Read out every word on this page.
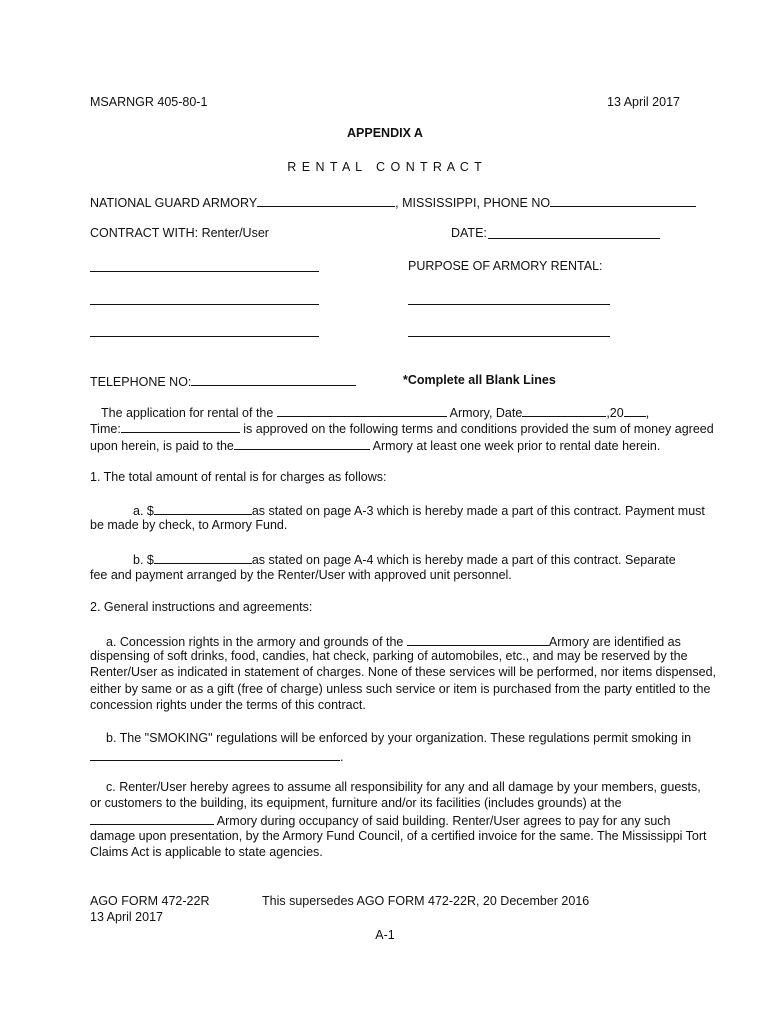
MSARNGR 405-80-1	13 April 2017
APPENDIX A
R E N T A L   C O N T R A C T
NATIONAL GUARD ARMORY	, MISSISSIPPI, PHONE NO
CONTRACT WITH: Renter/User	DATE:
PURPOSE OF ARMORY RENTAL:
TELEPHONE NO:	*Complete all Blank Lines
The application for rental of the	Armory, Date	,20 ,
Time:	is approved on the following terms and conditions provided the sum of money agreed
upon herein, is paid to the	Armory at least one week prior to rental date herein.
1. The total amount of rental is for charges as follows:
a. $	as stated on page A-3 which is hereby made a part of this contract. Payment must
be made by check, to Armory Fund.
b. $	as stated on page A-4 which is hereby made a part of this contract. Separate
fee and payment arranged by the Renter/User with approved unit personnel.
2. General instructions and agreements:
a. Concession rights in the armory and grounds of the	Armory are identified as
dispensing of soft drinks, food, candies, hat check, parking of automobiles, etc., and may be reserved by the
Renter/User as indicated in statement of charges. None of these services will be performed, nor items dispensed,
either by same or as a gift (free of charge) unless such service or item is purchased from the party entitled to the
concession rights under the terms of this contract.
b. The "SMOKING" regulations will be enforced by your organization. These regulations permit smoking in
.
c. Renter/User hereby agrees to assume all responsibility for any and all damage by your members, guests,
or customers to the building, its equipment, furniture and/or its facilities (includes grounds) at the
Armory during occupancy of said building. Renter/User agrees to pay for any such
damage upon presentation, by the Armory Fund Council, of a certified invoice for the same. The Mississippi Tort
Claims Act is applicable to state agencies.
AGO FORM 472-22R
13 April 2017
This supersedes AGO FORM 472-22R, 20 December 2016
A-1
